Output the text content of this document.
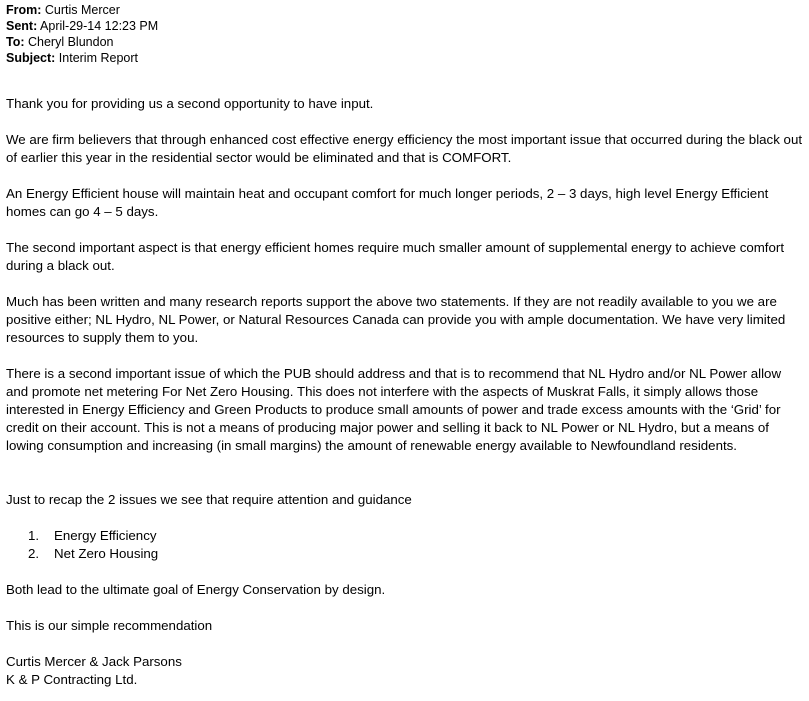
From: Curtis Mercer
Sent: April-29-14 12:23 PM
To: Cheryl Blundon
Subject: Interim Report

Thank you for providing us a second opportunity to have input.

We are firm believers that through enhanced cost effective energy efficiency the most important issue that occurred during the black out of earlier this year in the residential sector would be eliminated and that is COMFORT.

An Energy Efficient house will maintain heat and occupant comfort for much longer periods, 2 – 3 days, high level Energy Efficient homes can go 4 – 5 days.

The second important aspect is that energy efficient homes require much smaller amount of supplemental energy to achieve comfort during a black out.

Much has been written and many research reports support the above two statements. If they are not readily available to you we are positive either; NL Hydro, NL Power, or Natural Resources Canada can provide you with ample documentation. We have very limited resources to supply them to you.

There is a second important issue of which the PUB should address and that is to recommend that NL Hydro and/or NL Power allow and promote net metering For Net Zero Housing. This does not interfere with the aspects of Muskrat Falls, it simply allows those interested in Energy Efficiency and Green Products to produce small amounts of power and trade excess amounts with the ‘Grid’ for credit on their account. This is not a means of producing major power and selling it back to NL Power or NL Hydro, but a means of lowing consumption and increasing (in small margins) the amount of renewable energy available to Newfoundland residents.

Just to recap the 2 issues we see that require attention and guidance

1. Energy Efficiency
2. Net Zero Housing

Both lead to the ultimate goal of Energy Conservation by design.

This is our simple recommendation

Curtis Mercer & Jack Parsons

K & P Contracting Ltd.
